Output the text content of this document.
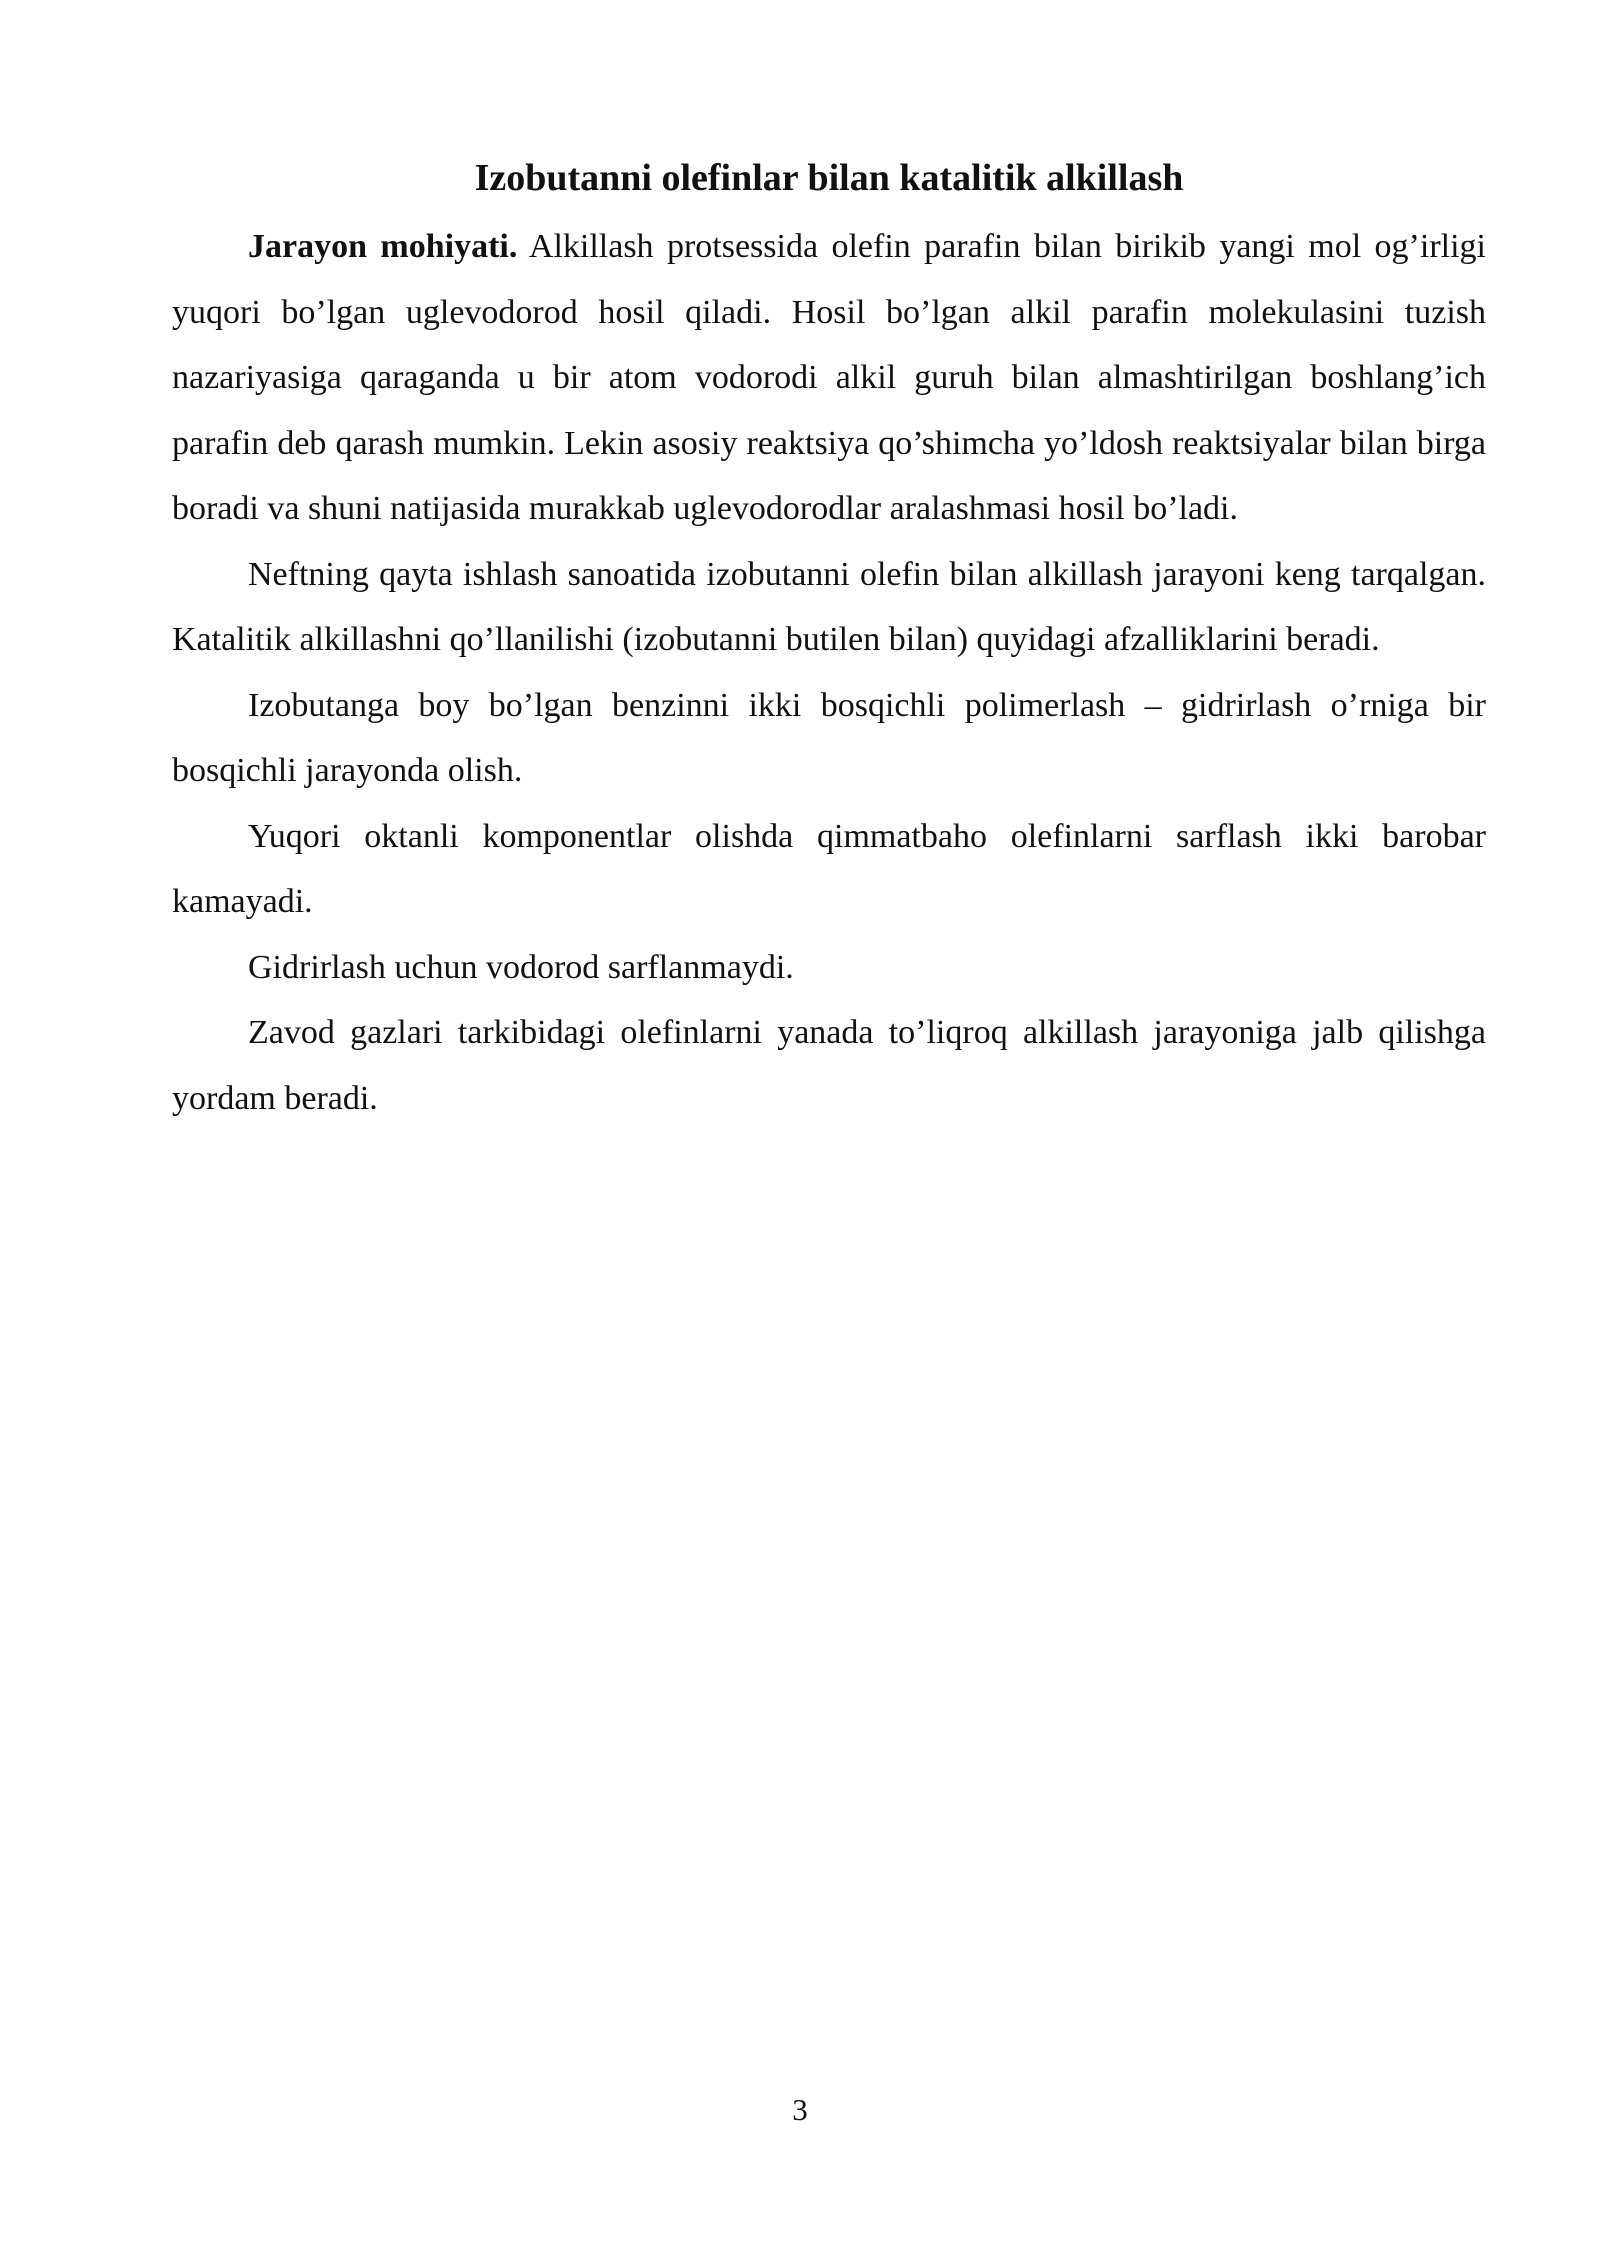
Izobutanni olefinlar bilan katalitik alkillash

Jarayon mohiyati. Alkillash protsessida olefin parafin bilan birikib yangi mol og’irligi yuqori bo’lgan uglevodorod hosil qiladi. Hosil bo’lgan alkil parafin molekulasini tuzish nazariyasiga qaraganda u bir atom vodorodi alkil guruh bilan almashtirilgan boshlang’ich parafin deb qarash mumkin. Lekin asosiy reaktsiya qo’shimcha yo’ldosh reaktsiyalar bilan birga boradi va shuni natijasida murakkab uglevodorodlar aralashmasi hosil bo’ladi.

Neftning qayta ishlash sanoatida izobutanni olefin bilan alkillash jarayoni keng tarqalgan. Katalitik alkillashni qo’llanilishi (izobutanni butilen bilan) quyidagi afzalliklarini beradi.

Izobutanga boy bo’lgan benzinni ikki bosqichli polimerlash – gidrirlash o’rniga bir bosqichli jarayonda olish.

Yuqori oktanli komponentlar olishda qimmatbaho olefinlarni sarflash ikki barobar kamayadi.

Gidrirlash uchun vodorod sarflanmaydi.

Zavod gazlari tarkibidagi olefinlarni yanada to’liqroq alkillash jarayoniga jalb qilishga yordam beradi.

3
